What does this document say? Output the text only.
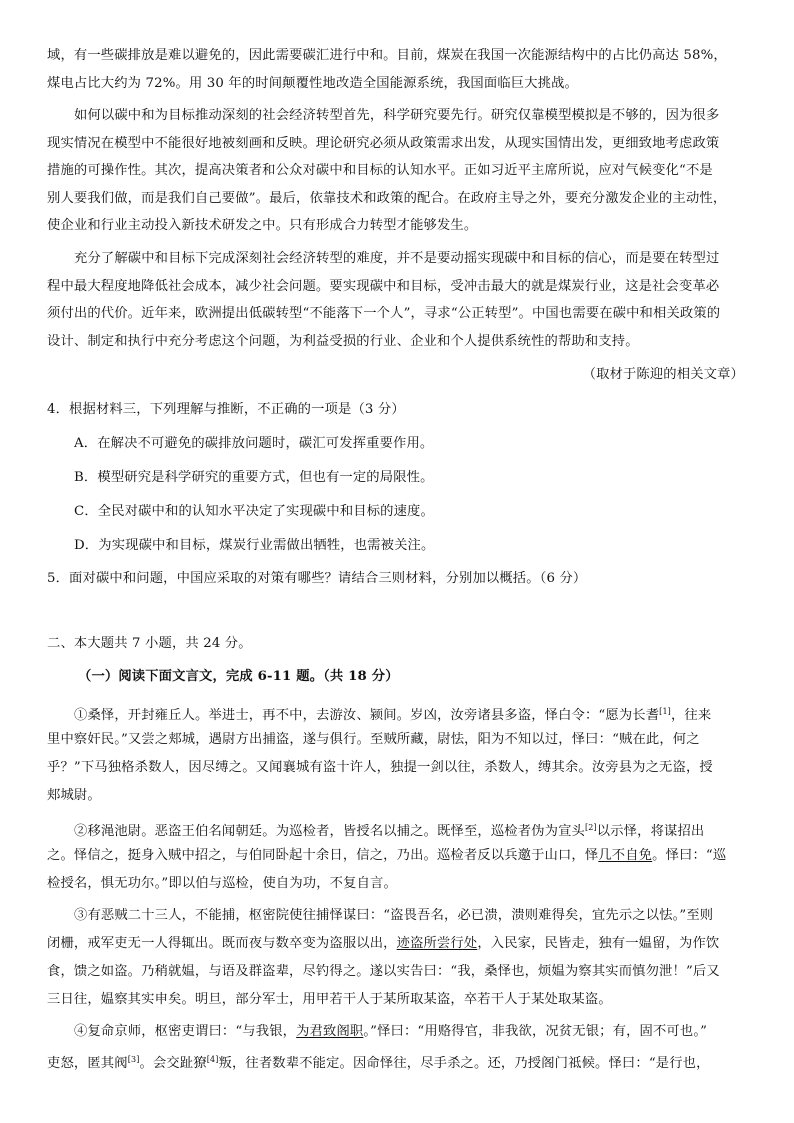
域，有一些碳排放是难以避免的，因此需要碳汇进行中和。目前，煤炭在我国一次能源结构中的占比仍高达 58%，
煤电占比大约为 72%。用 30 年的时间颠覆性地改造全国能源系统，我国面临巨大挑战。
如何以碳中和为目标推动深刻的社会经济转型首先，科学研究要先行。研究仅靠模型模拟是不够的，因为很多
现实情况在模型中不能很好地被刻画和反映。理论研究必须从政策需求出发，从现实国情出发，更细致地考虑政策
措施的可操作性。其次，提高决策者和公众对碳中和目标的认知水平。正如习近平主席所说，应对气候变化“不是
别人要我们做，而是我们自己要做”。最后，依靠技术和政策的配合。在政府主导之外，要充分激发企业的主动性，
使企业和行业主动投入新技术研发之中。只有形成合力转型才能够发生。
充分了解碳中和目标下完成深刻社会经济转型的难度，并不是要动摇实现碳中和目标的信心，而是要在转型过
程中最大程度地降低社会成本，减少社会问题。要实现碳中和目标，受冲击最大的就是煤炭行业，这是社会变革必
须付出的代价。近年来，欧洲提出低碳转型“不能落下一个人”，寻求“公正转型”。中国也需要在碳中和相关政策的
设计、制定和执行中充分考虑这个问题，为利益受损的行业、企业和个人提供系统性的帮助和支持。
（取材于陈迎的相关文章）
4．根据材料三，下列理解与推断，不正确的一项是（3 分）
A．在解决不可避免的碳排放问题时，碳汇可发挥重要作用。
B．模型研究是科学研究的重要方式，但也有一定的局限性。
C．全民对碳中和的认知水平决定了实现碳中和目标的速度。
D．为实现碳中和目标，煤炭行业需做出牺牲，也需被关注。
5．面对碳中和问题，中国应采取的对策有哪些？请结合三则材料，分别加以概括。（6 分）
二、本大题共 7 小题，共 24 分。
（一）阅读下面文言文，完成 6-11 题。（共 18 分）
①桑怿，开封雍丘人。举进士，再不中，去游汝、颍间。岁凶，汝旁诸县多盗，怿白令：“愿为长耆[1]，往来
里中察奸民。”又尝之郏城，遇尉方出捕盗，遂与俱行。至贼所藏，尉怯，阳为不知以过，怿曰：“贼在此，何之
乎？”下马独格杀数人，因尽缚之。又闻襄城有盗十许人，独提一剑以往，杀数人，缚其余。汝旁县为之无盗，授
郏城尉。
②移渑池尉。恶盗王伯名闻朝廷。为巡检者，皆授名以捕之。既怿至，巡检者伪为宣头[2]以示怿，将谋招出
之。怿信之，挺身入贼中招之，与伯同卧起十余日，信之，乃出。巡检者反以兵邀于山口，怿几不自免。怿曰：“巡
检授名，惧无功尔。”即以伯与巡检，使自为功，不复自言。
③有恶贼二十三人，不能捕，枢密院使往捕怿谋曰：“盗畏吾名，必已溃，溃则难得矣，宜先示之以怯。”至则
闭栅，戒军吏无一人得辄出。既而夜与数卒变为盗服以出，迹盗所尝行处，入民家，民皆走，独有一媪留，为作饮
食，馈之如盗。乃稍就媪，与语及群盗辈，尽钓得之。遂以实告曰：“我，桑怿也，烦媪为察其实而慎勿泄！”后又
三日往，媪察其实申矣。明旦，部分军士，用甲若干人于某所取某盗，卒若干人于某处取某盗。
④复命京师，枢密吏谓曰：“与我银，为君致阁职。”怿曰：“用赂得官，非我欲，况贫无银；有，固不可也。”
吏怒，匿其阀[3]。会交趾獠[4]叛，往者数辈不能定。因命怿往，尽手杀之。还，乃授阁门祗候。怿曰：“是行也，
